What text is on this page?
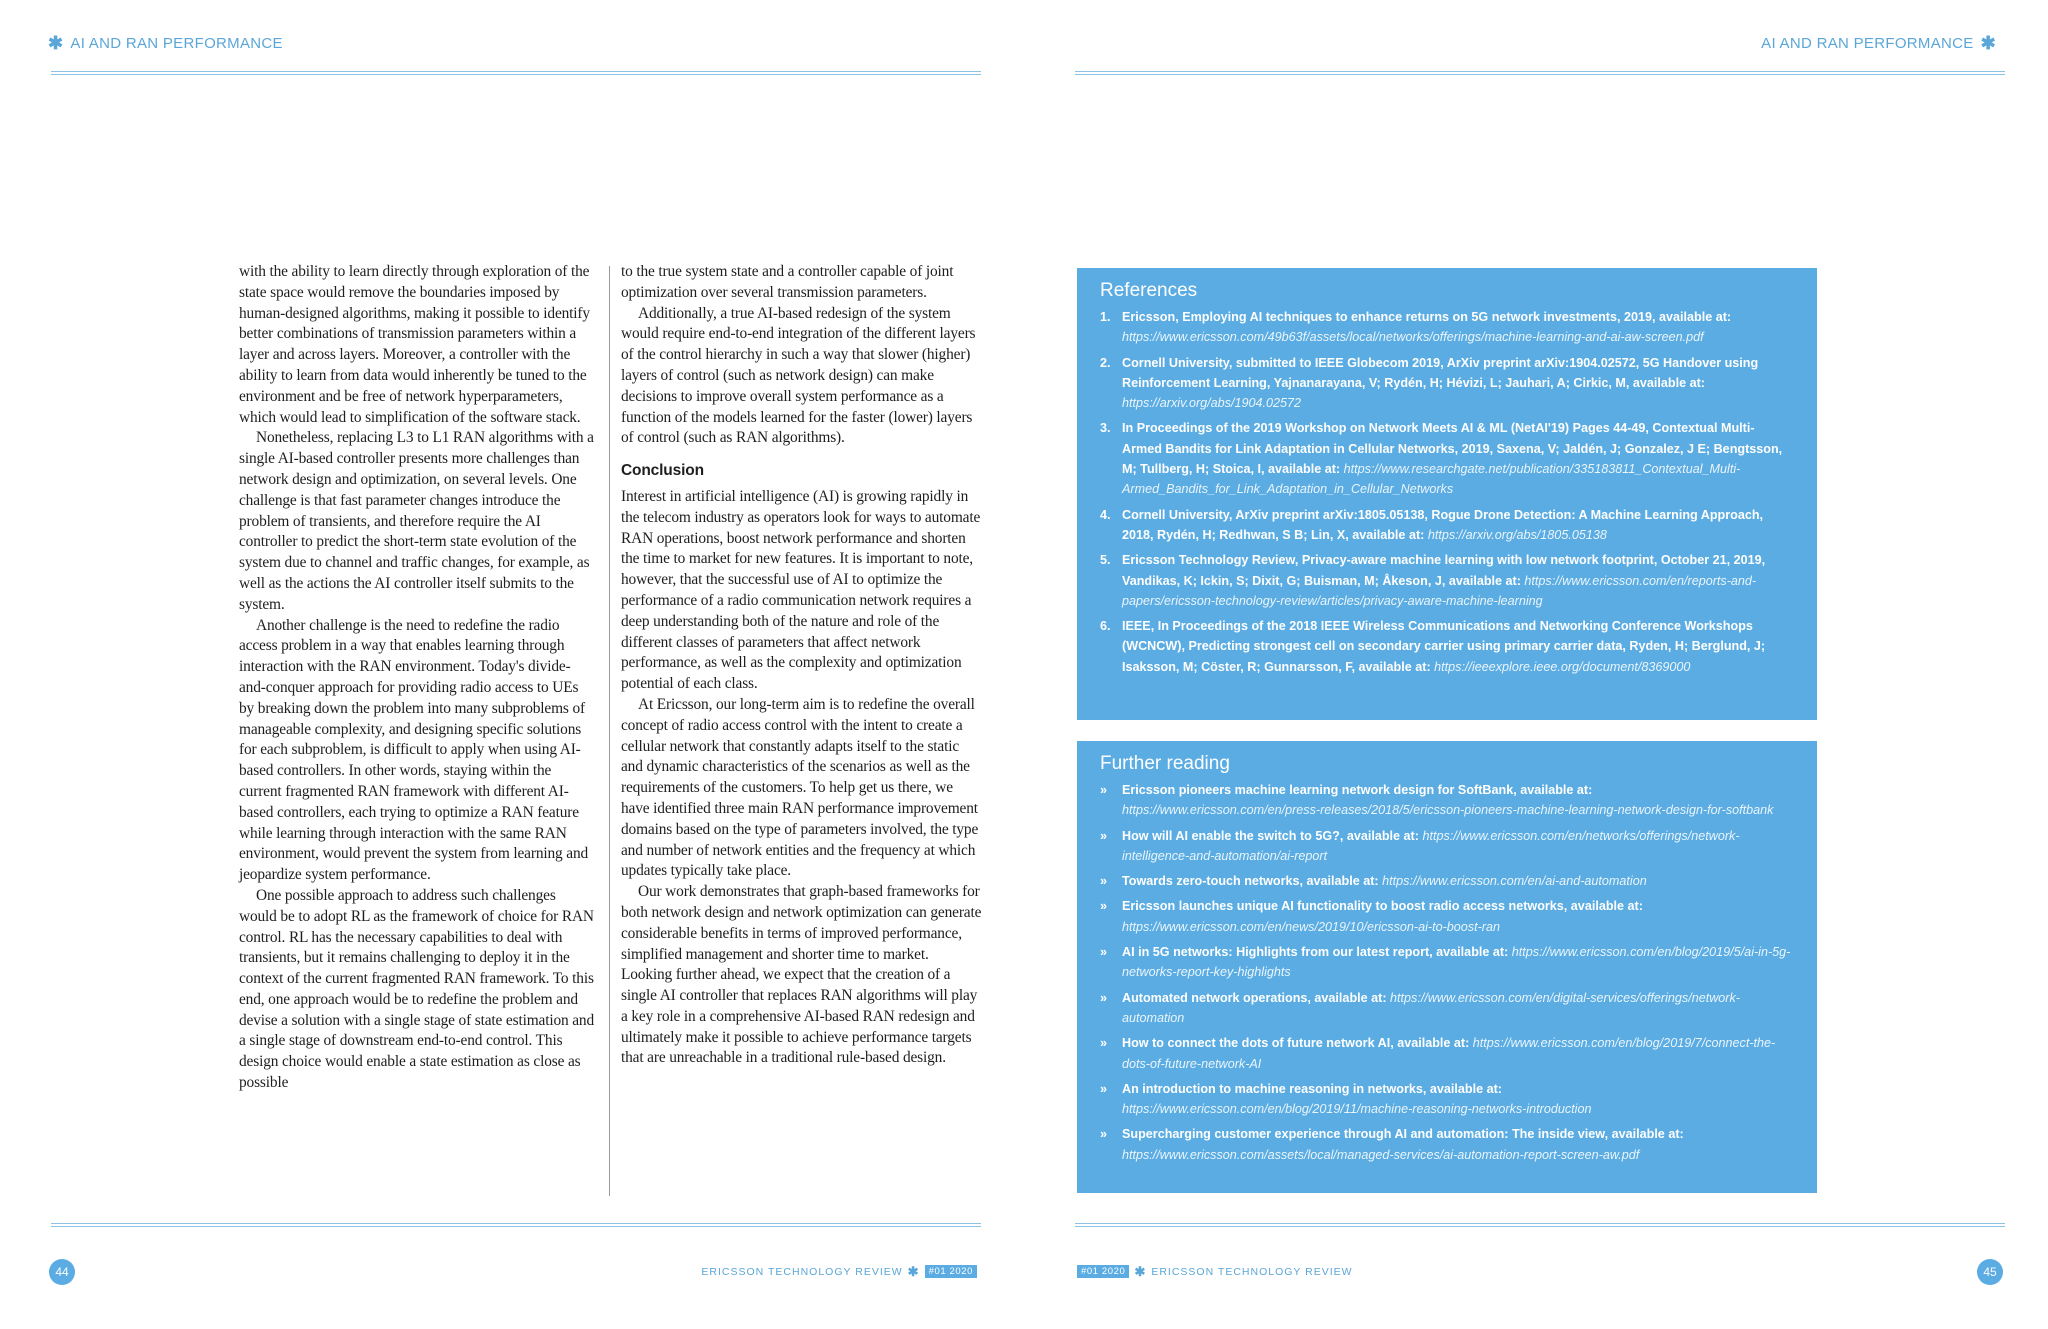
✱ AI AND RAN PERFORMANCE	AI AND RAN PERFORMANCE ✱

with the ability to learn directly through exploration of the state space would remove the boundaries imposed by human-designed algorithms, making it possible to identify better combinations of transmission parameters within a layer and across layers. Moreover, a controller with the ability to learn from data would inherently be tuned to the environment and be free of network hyperparameters, which would lead to simplification of the software stack.

Nonetheless, replacing L3 to L1 RAN algorithms with a single AI-based controller presents more challenges than network design and optimization, on several levels. One challenge is that fast parameter changes introduce the problem of transients, and therefore require the AI controller to predict the short-term state evolution of the system due to channel and traffic changes, for example, as well as the actions the AI controller itself submits to the system.

Another challenge is the need to redefine the radio access problem in a way that enables learning through interaction with the RAN environment. Today's divide-and-conquer approach for providing radio access to UEs by breaking down the problem into many subproblems of manageable complexity, and designing specific solutions for each subproblem, is difficult to apply when using AI-based controllers. In other words, staying within the current fragmented RAN framework with different AI-based controllers, each trying to optimize a RAN feature while learning through interaction with the same RAN environment, would prevent the system from learning and jeopardize system performance.

One possible approach to address such challenges would be to adopt RL as the framework of choice for RAN control. RL has the necessary capabilities to deal with transients, but it remains challenging to deploy it in the context of the current fragmented RAN framework. To this end, one approach would be to redefine the problem and devise a solution with a single stage of state estimation and a single stage of downstream end-to-end control. This design choice would enable a state estimation as close as possible

to the true system state and a controller capable of joint optimization over several transmission parameters.

Additionally, a true AI-based redesign of the system would require end-to-end integration of the different layers of the control hierarchy in such a way that slower (higher) layers of control (such as network design) can make decisions to improve overall system performance as a function of the models learned for the faster (lower) layers of control (such as RAN algorithms).

Conclusion

Interest in artificial intelligence (AI) is growing rapidly in the telecom industry as operators look for ways to automate RAN operations, boost network performance and shorten the time to market for new features. It is important to note, however, that the successful use of AI to optimize the performance of a radio communication network requires a deep understanding both of the nature and role of the different classes of parameters that affect network performance, as well as the complexity and optimization potential of each class.

At Ericsson, our long-term aim is to redefine the overall concept of radio access control with the intent to create a cellular network that constantly adapts itself to the static and dynamic characteristics of the scenarios as well as the requirements of the customers. To help get us there, we have identified three main RAN performance improvement domains based on the type of parameters involved, the type and number of network entities and the frequency at which updates typically take place.

Our work demonstrates that graph-based frameworks for both network design and network optimization can generate considerable benefits in terms of improved performance, simplified management and shorter time to market. Looking further ahead, we expect that the creation of a single AI controller that replaces RAN algorithms will play a key role in a comprehensive AI-based RAN redesign and ultimately make it possible to achieve performance targets that are unreachable in a traditional rule-based design.

References
1. Ericsson, Employing AI techniques to enhance returns on 5G network investments, 2019, available at: https://www.ericsson.com/49b63f/assets/local/networks/offerings/machine-learning-and-ai-aw-screen.pdf
2. Cornell University, submitted to IEEE Globecom 2019, ArXiv preprint arXiv:1904.02572, 5G Handover using Reinforcement Learning, Yajnanarayana, V; Rydén, H; Hévizi, L; Jauhari, A; Cirkic, M, available at: https://arxiv.org/abs/1904.02572
3. In Proceedings of the 2019 Workshop on Network Meets AI & ML (NetAI'19) Pages 44-49, Contextual Multi-Armed Bandits for Link Adaptation in Cellular Networks, 2019, Saxena, V; Jaldén, J; Gonzalez, J E; Bengtsson, M; Tullberg, H; Stoica, I, available at: https://www.researchgate.net/publication/335183811_Contextual_Multi-Armed_Bandits_for_Link_Adaptation_in_Cellular_Networks
4. Cornell University, ArXiv preprint arXiv:1805.05138, Rogue Drone Detection: A Machine Learning Approach, 2018, Rydén, H; Redhwan, S B; Lin, X, available at: https://arxiv.org/abs/1805.05138
5. Ericsson Technology Review, Privacy-aware machine learning with low network footprint, October 21, 2019, Vandikas, K; Ickin, S; Dixit, G; Buisman, M; Åkeson, J, available at: https://www.ericsson.com/en/reports-and-papers/ericsson-technology-review/articles/privacy-aware-machine-learning
6. IEEE, In Proceedings of the 2018 IEEE Wireless Communications and Networking Conference Workshops (WCNCW), Predicting strongest cell on secondary carrier using primary carrier data, Ryden, H; Berglund, J; Isaksson, M; Cöster, R; Gunnarsson, F, available at: https://ieeexplore.ieee.org/document/8369000
Further reading
» Ericsson pioneers machine learning network design for SoftBank, available at: https://www.ericsson.com/en/press-releases/2018/5/ericsson-pioneers-machine-learning-network-design-for-softbank
» How will AI enable the switch to 5G?, available at: https://www.ericsson.com/en/networks/offerings/network-intelligence-and-automation/ai-report
» Towards zero-touch networks, available at: https://www.ericsson.com/en/ai-and-automation
» Ericsson launches unique AI functionality to boost radio access networks, available at: https://www.ericsson.com/en/news/2019/10/ericsson-ai-to-boost-ran
» AI in 5G networks: Highlights from our latest report, available at: https://www.ericsson.com/en/blog/2019/5/ai-in-5g-networks-report-key-highlights
» Automated network operations, available at: https://www.ericsson.com/en/digital-services/offerings/network-automation
» How to connect the dots of future network AI, available at: https://www.ericsson.com/en/blog/2019/7/connect-the-dots-of-future-network-AI
» An introduction to machine reasoning in networks, available at: https://www.ericsson.com/en/blog/2019/11/machine-reasoning-networks-introduction
» Supercharging customer experience through AI and automation: The inside view, available at: https://www.ericsson.com/assets/local/managed-services/ai-automation-report-screen-aw.pdf
44	ERICSSON TECHNOLOGY REVIEW ✱ #01 2020	#01 2020 ✱ ERICSSON TECHNOLOGY REVIEW	45
